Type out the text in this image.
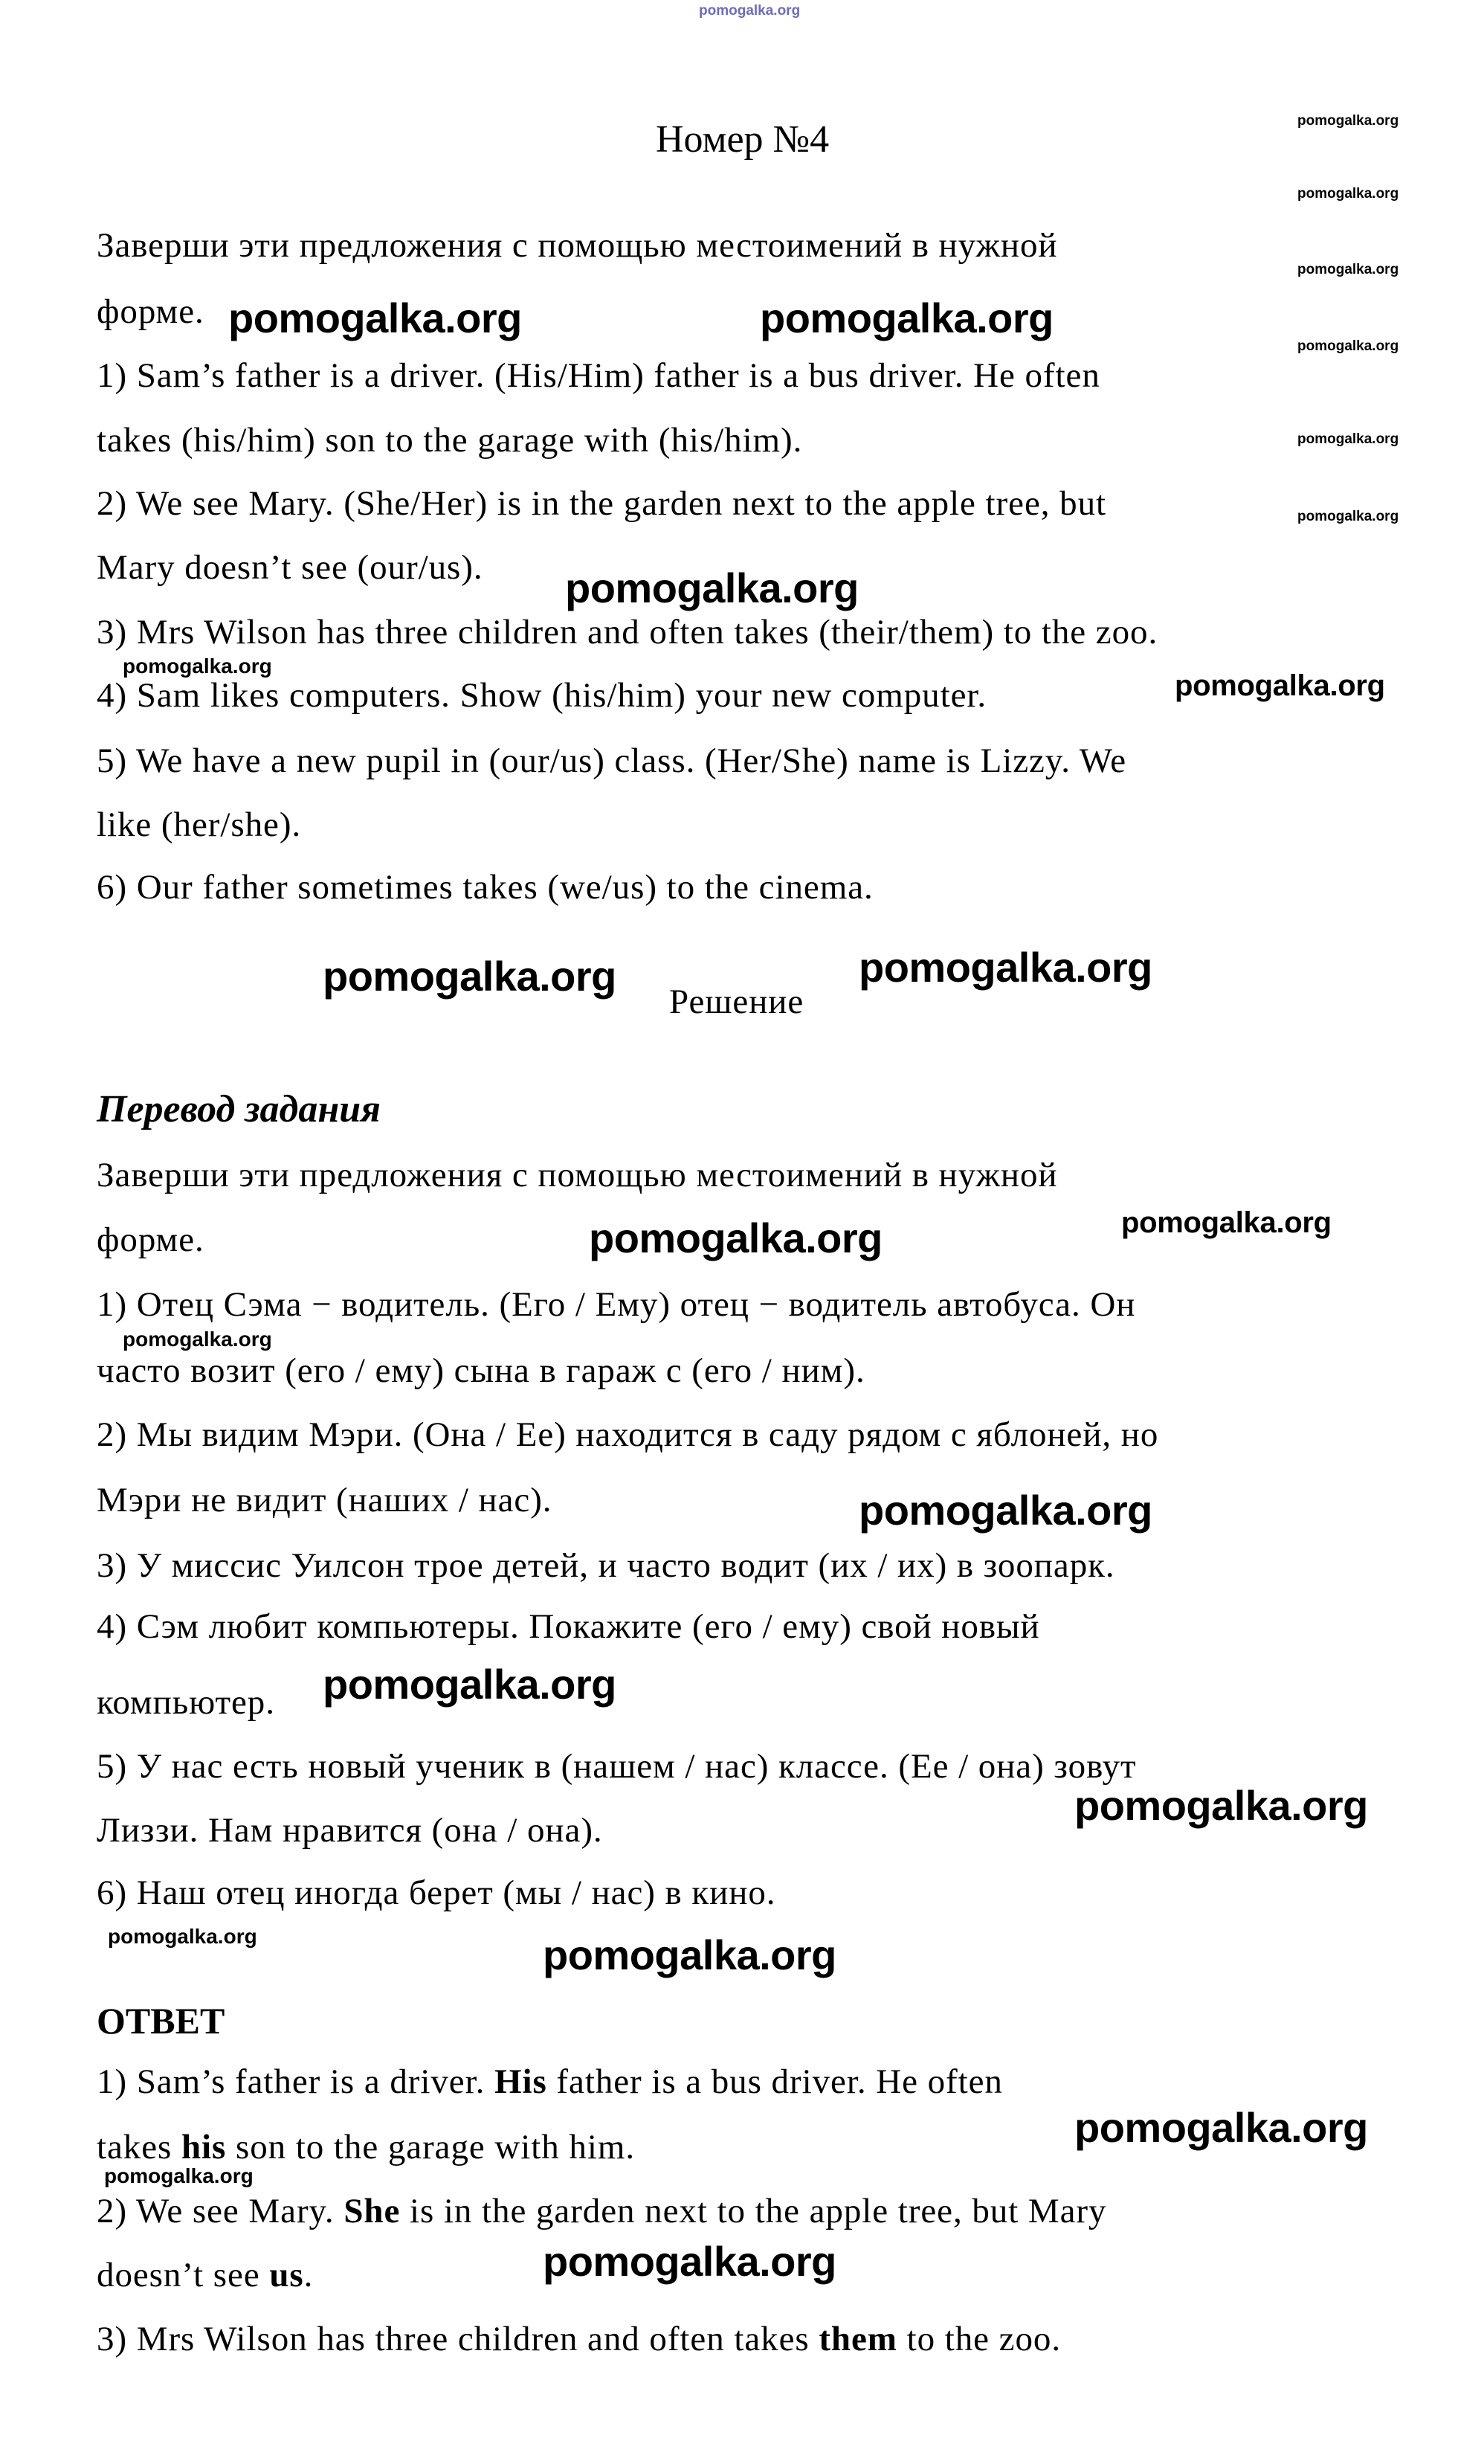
pomogalka.org
pomogalka.org
pomogalka.org
pomogalka.org
pomogalka.org
pomogalka.org
pomogalka.org
Номер №4
Заверши эти предложения с помощью местоимений в нужной
форме. pomogalka.org	pomogalka.org
1) Sam’s father is a driver. (His/Him) father is a bus driver. He often
takes (his/him) son to the garage with (his/him).
2) We see Mary. (She/Her) is in the garden next to the apple tree, but
Mary doesn’t see (our/us). pomogalka.org
3) Mrs Wilson has three children and often takes (their/them) to the zoo.
pomogalka.org
4) Sam likes computers. Show (his/him) your new computer.	pomogalka.org
5) We have a new pupil in (our/us) class. (Her/She) name is Lizzy. We
like (her/she).
6) Our father sometimes takes (we/us) to the cinema.
pomogalka.org	pomogalka.org
Решение
Перевод задания
Заверши эти предложения с помощью местоимений в нужной
форме.	pomogalka.org	pomogalka.org
1) Отец Сэма − водитель. (Его / Ему) отец − водитель автобуса. Он
pomogalka.org
часто возит (его / ему) сына в гараж с (его / ним).
2) Мы видим Мэри. (Она / Ее) находится в саду рядом с яблоней, но
Мэри не видит (наших / нас).	pomogalka.org
3) У миссис Уилсон трое детей, и часто водит (их / их) в зоопарк.
4) Сэм любит компьютеры. Покажите (его / ему) свой новый
pomogalka.org
компьютер.
5) У нас есть новый ученик в (нашем / нас) классе. (Ее / она) зовут
pomogalka.org
Лиззи. Нам нравится (она / она).
6) Наш отец иногда берет (мы / нас) в кино.
pomogalka.org	pomogalka.org
ОТВЕТ
1) Sam’s father is a driver. His father is a bus driver. He often
pomogalka.org
takes his son to the garage with him.
pomogalka.org
2) We see Mary. She is in the garden next to the apple tree, but Mary
pomogalka.org
doesn’t see us.
3) Mrs Wilson has three children and often takes them to the zoo.
